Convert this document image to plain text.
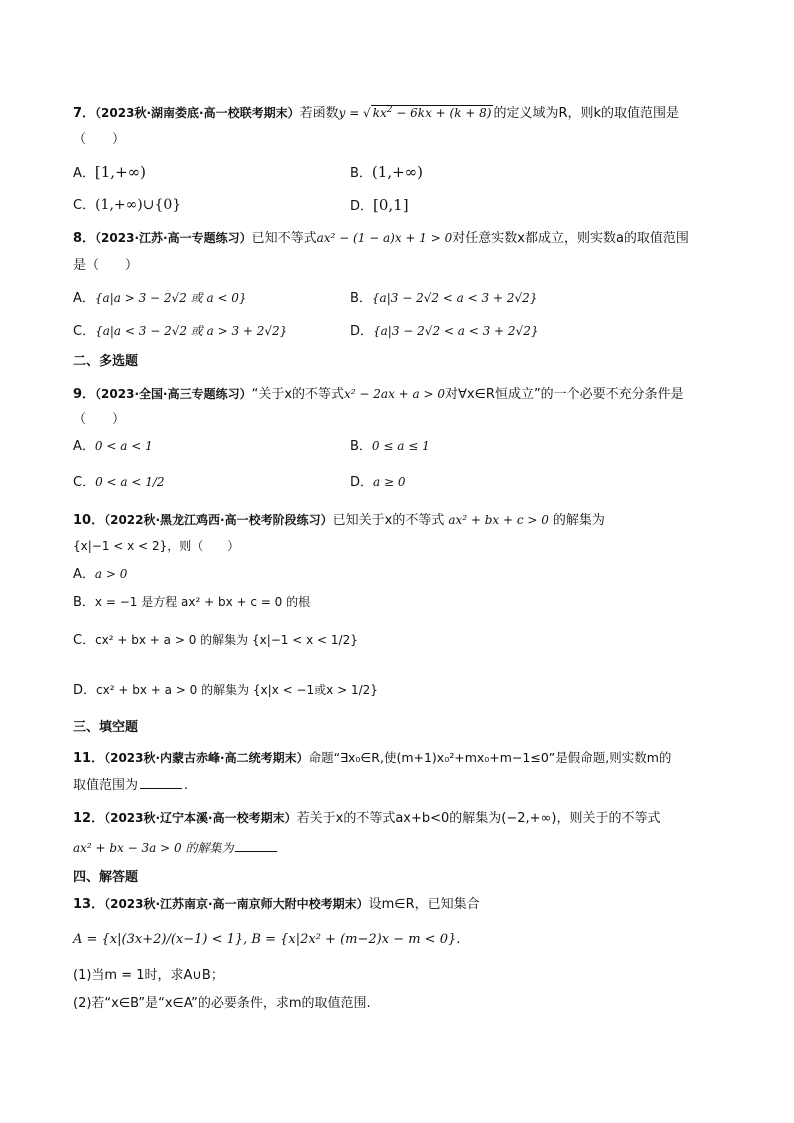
7．（2023秋·湖南娄底·高一校联考期末）若函数y = √ $kx^2 - 6kx + (k + 8)$ 的定义域为R，则k的取值范围是
（　　）
A．[1,+∞)	B．(1,+∞)
C．(1,+∞)∪{0}	D．[0,1]
8．（2023·江苏·高一专题练习）已知不等式ax² − (1 − a)x + 1 > 0对任意实数x都成立，则实数a的取值范围
是（　　）
A．{a|a > 3 − 2√2 或 a < 0}	B．{a|3 − 2√2 < a < 3 + 2√2}
C．{a|a < 3 − 2√2 或 a > 3 + 2√2}	D．{a|3 − 2√2 < a < 3 + 2√2}
二、多选题
9．（2023·全国·高三专题练习）“关于x的不等式x² − 2ax + a > 0对∀x∈R恒成立”的一个必要不充分条件是
（　　）
A．0 < a < 1	B．0 ≤ a ≤ 1
C．0 < a < 1/2	D．a ≥ 0
10．（2022秋·黑龙江鸡西·高一校考阶段练习）已知关于x的不等式 ax² + bx + c > 0 的解集为
{x|−1 < x < 2}，则（　　）
A．a > 0
B．x = −1 是方程 ax² + bx + c = 0 的根
C．cx² + bx + a > 0 的解集为 {x|−1 < x < 1/2}
D．cx² + bx + a > 0 的解集为 {x|x < −1或x > 1/2}
三、填空题
11．（2023秋·内蒙古赤峰·高二统考期末）命题“∃x₀∈R,使(m+1)x₀²+mx₀+m−1≤0”是假命题,则实数m的
取值范围为	.
12．（2023秋·辽宁本溪·高一校考期末）若关于x的不等式ax+b<0的解集为(−2,+∞)，则关于的不等式
ax² + bx − 3a > 0 的解集为
四、解答题
13．（2023秋·江苏南京·高一南京师大附中校考期末）设m∈R，已知集合
A = {x|(3x+2)/(x−1) < 1}, B = {x|2x² + (m−2)x − m < 0}.
(1)当m = 1时，求A∪B；
(2)若“x∈B”是“x∈A”的必要条件，求m的取值范围.
